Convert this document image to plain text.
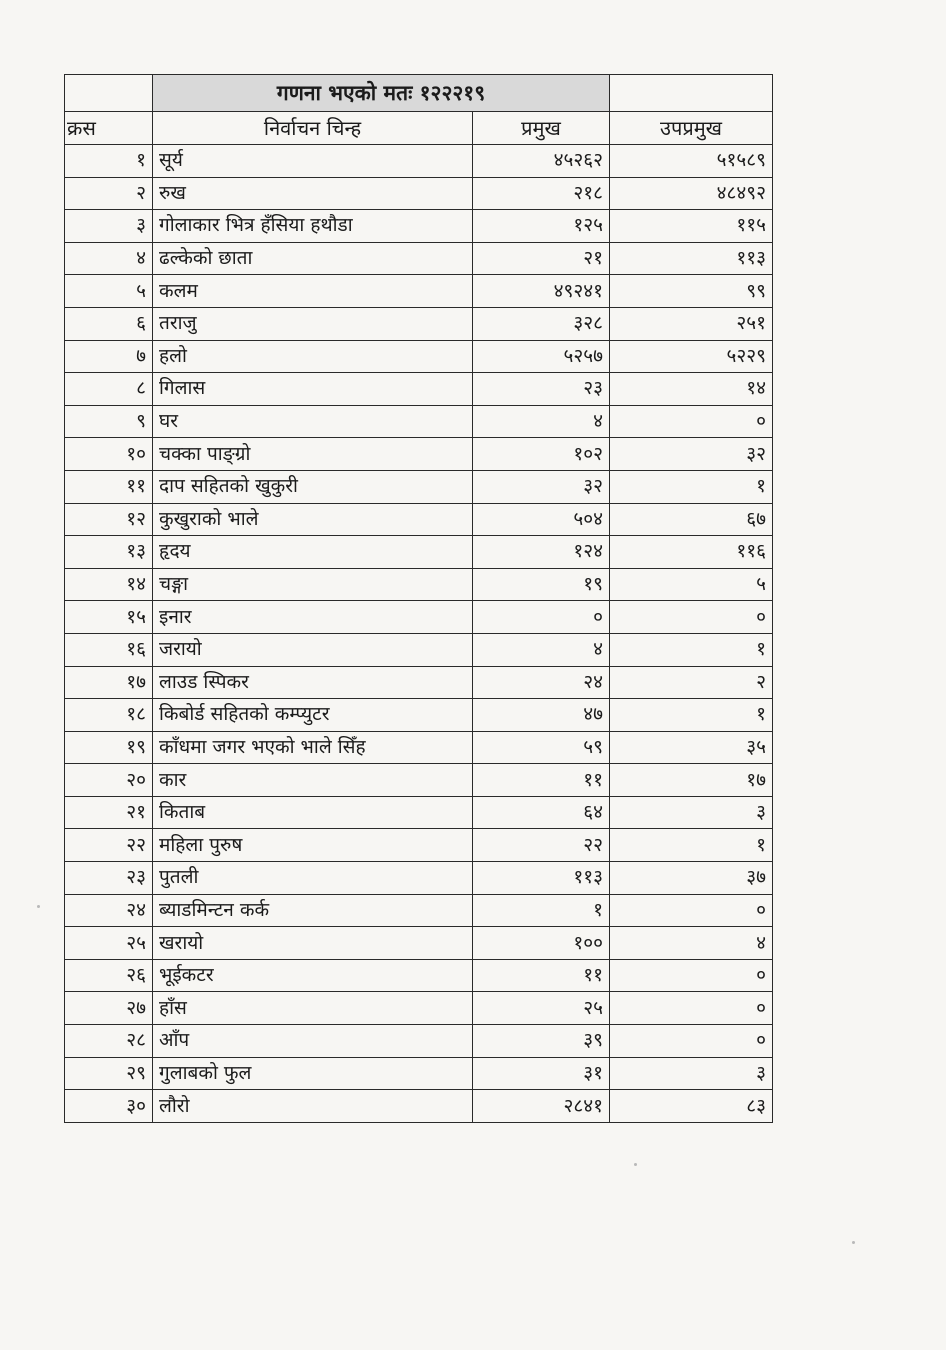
	गणना भएको मतः १२२२१९		
क्रस	निर्वाचन चिन्ह	प्रमुख	उपप्रमुख
१	सूर्य	४५२६२	५१५८९
२	रुख	२१८	४८४९२
३	गोलाकार भित्र हँसिया हथौडा	१२५	११५
४	ढल्केको छाता	२१	११३
५	कलम	४९२४१	९९
६	तराजु	३२८	२५१
७	हलो	५२५७	५२२९
८	गिलास	२३	१४
९	घर	४	०
१०	चक्का पाङ्ग्रो	१०२	३२
११	दाप सहितको खुकुरी	३२	१
१२	कुखुराको भाले	५०४	६७
१३	हृदय	१२४	११६
१४	चङ्गा	१९	५
१५	इनार	०	०
१६	जरायो	४	१
१७	लाउड स्पिकर	२४	२
१८	किबोर्ड सहितको कम्प्युटर	४७	१
१९	काँधमा जगर भएको भाले सिँह	५९	३५
२०	कार	११	१७
२१	किताब	६४	३
२२	महिला पुरुष	२२	१
२३	पुतली	११३	३७
२४	ब्याडमिन्टन कर्क	१	०
२५	खरायो	१००	४
२६	भूईकटर	११	०
२७	हाँस	२५	०
२८	आँप	३९	०
२९	गुलाबको फुल	३१	३
३०	लौरो	२८४१	८३
